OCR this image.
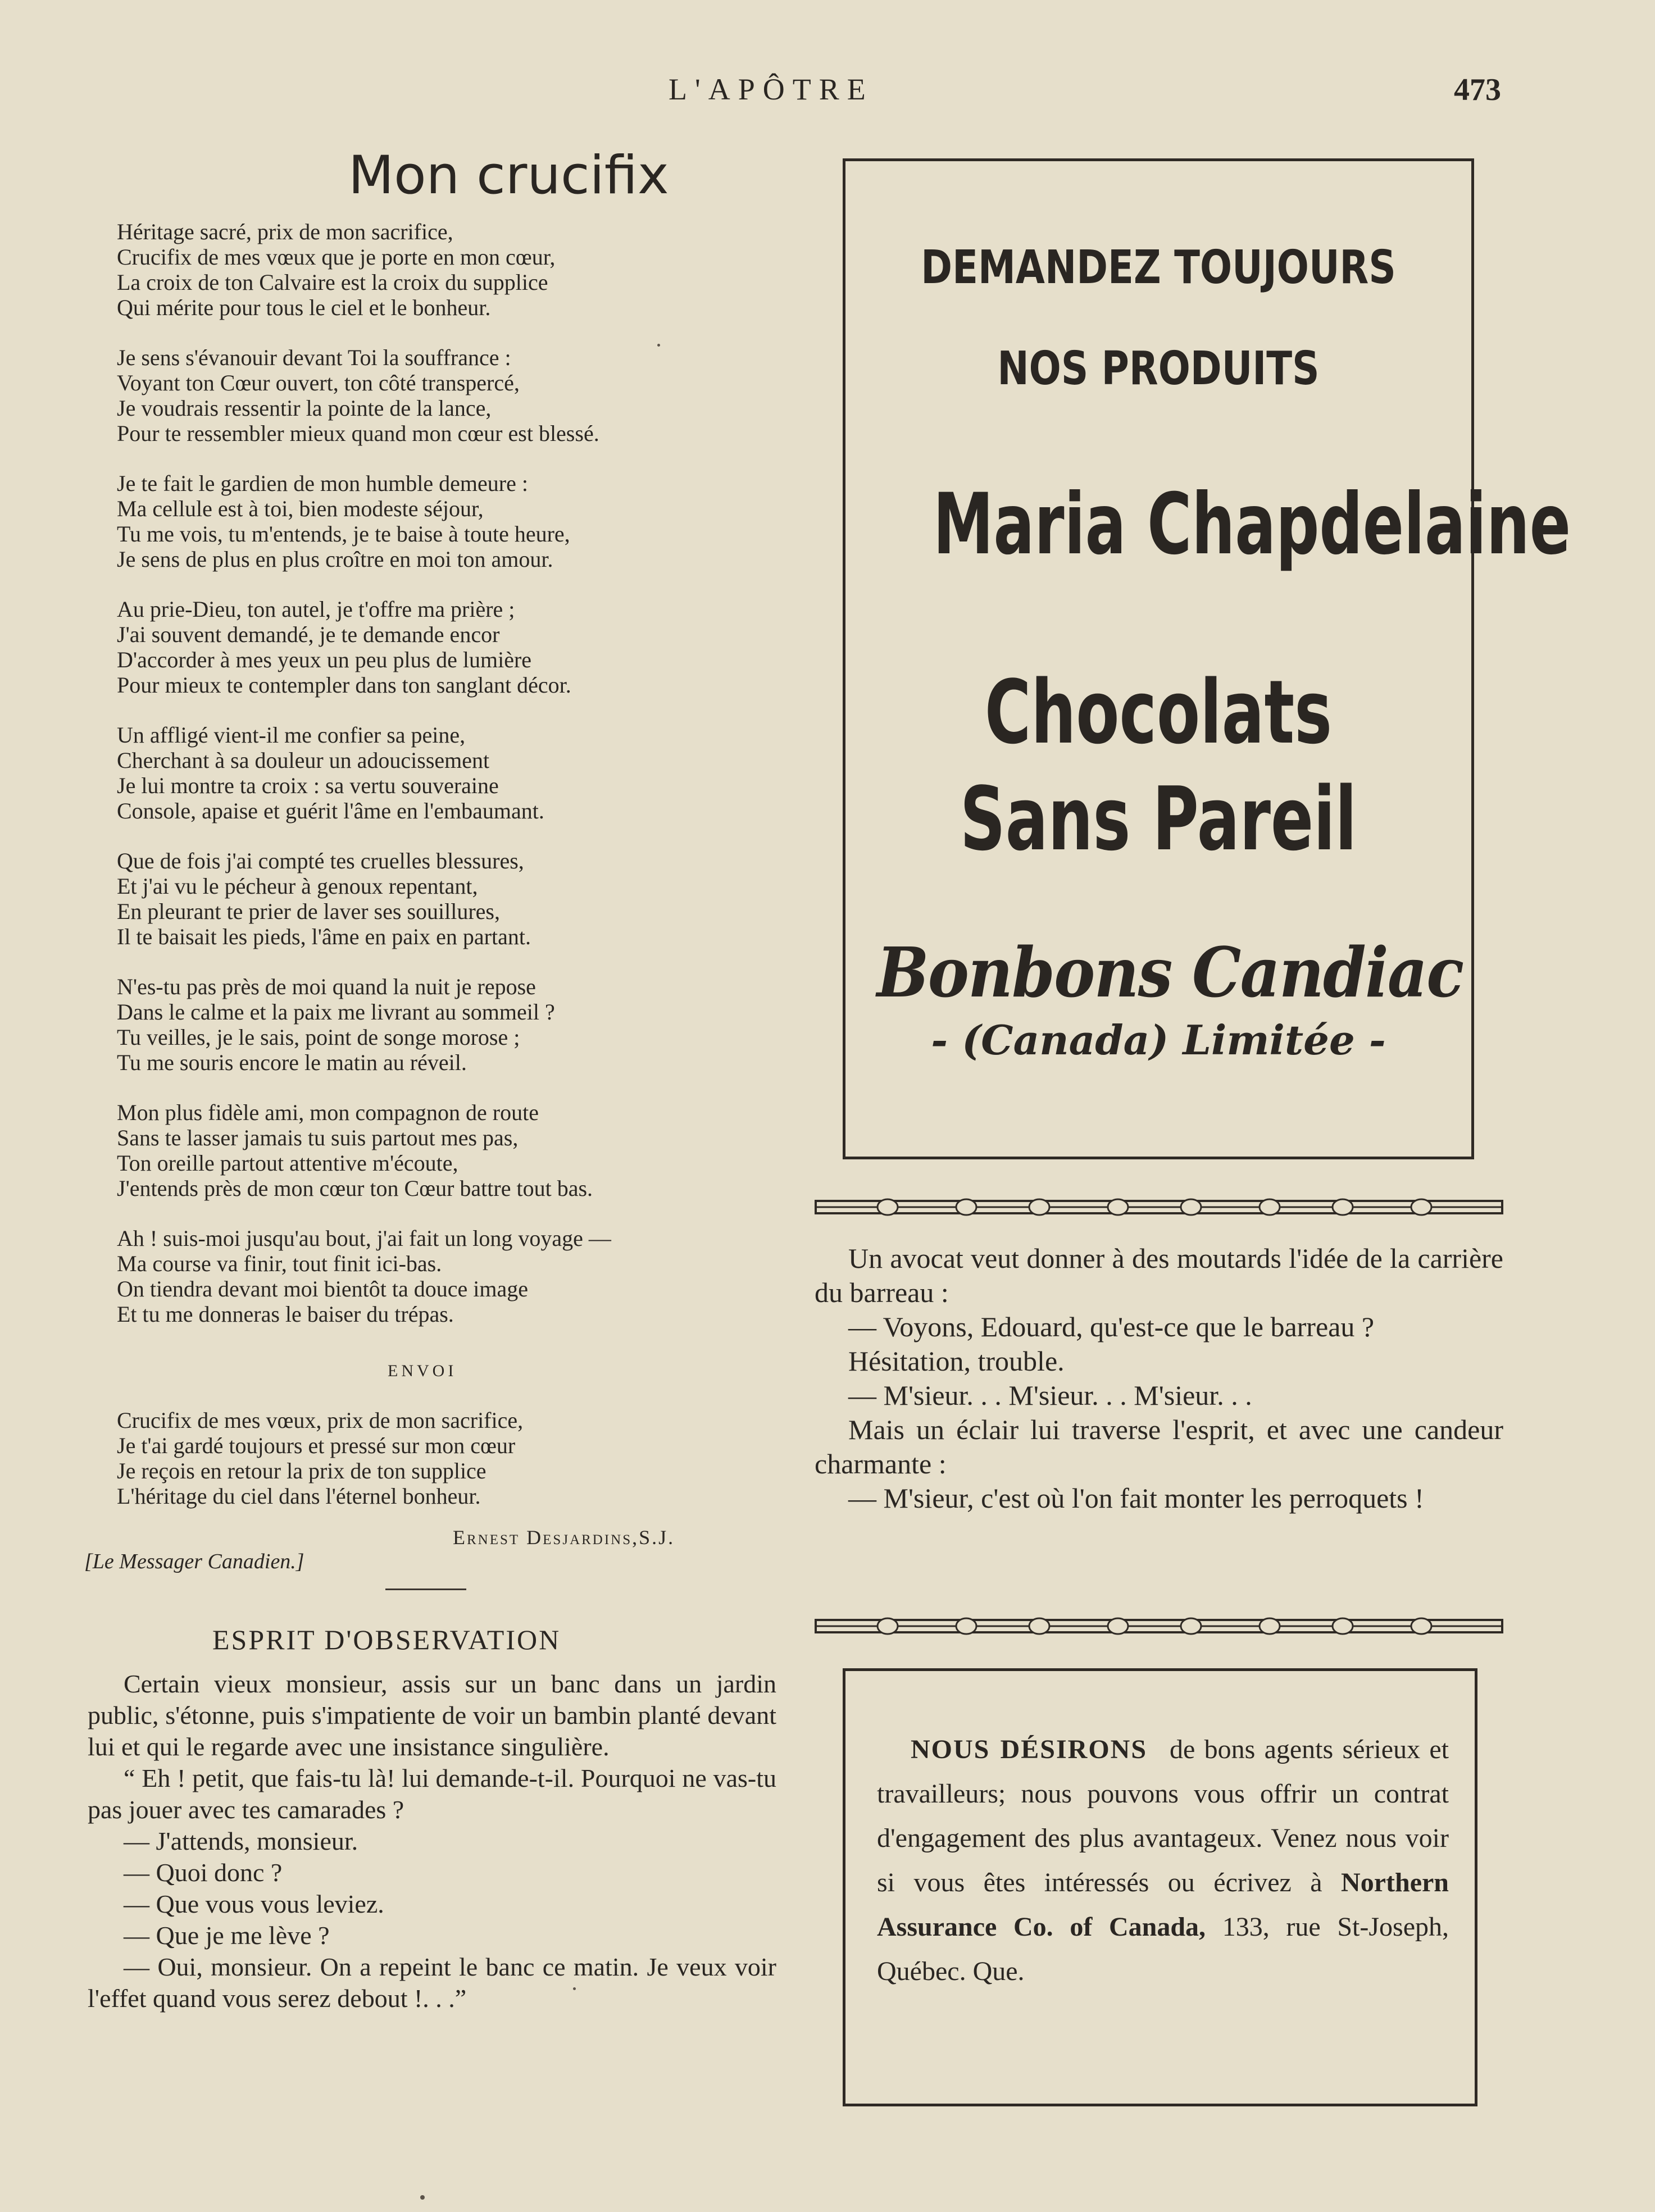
L'APÔTRE	473
Mon crucifix
Héritage sacré, prix de mon sacrifice,
Crucifix de mes vœux que je porte en mon cœur,
La croix de ton Calvaire est la croix du supplice
Qui mérite pour tous le ciel et le bonheur.
Je sens s'évanouir devant Toi la souffrance :
Voyant ton Cœur ouvert, ton côté transpercé,
Je voudrais ressentir la pointe de la lance,
Pour te ressembler mieux quand mon cœur est blessé.
Je te fait le gardien de mon humble demeure :
Ma cellule est à toi, bien modeste séjour,
Tu me vois, tu m'entends, je te baise à toute heure,
Je sens de plus en plus croître en moi ton amour.
Au prie-Dieu, ton autel, je t'offre ma prière ;
J'ai souvent demandé, je te demande encor
D'accorder à mes yeux un peu plus de lumière
Pour mieux te contempler dans ton sanglant décor.
Un affligé vient-il me confier sa peine,
Cherchant à sa douleur un adoucissement
Je lui montre ta croix : sa vertu souveraine
Console, apaise et guérit l'âme en l'embaumant.
Que de fois j'ai compté tes cruelles blessures,
Et j'ai vu le pécheur à genoux repentant,
En pleurant te prier de laver ses souillures,
Il te baisait les pieds, l'âme en paix en partant.
N'es-tu pas près de moi quand la nuit je repose
Dans le calme et la paix me livrant au sommeil ?
Tu veilles, je le sais, point de songe morose ;
Tu me souris encore le matin au réveil.
Mon plus fidèle ami, mon compagnon de route
Sans te lasser jamais tu suis partout mes pas,
Ton oreille partout attentive m'écoute,
J'entends près de mon cœur ton Cœur battre tout bas.
Ah ! suis-moi jusqu'au bout, j'ai fait un long voyage —
Ma course va finir, tout finit ici-bas.
On tiendra devant moi bientôt ta douce image
Et tu me donneras le baiser du trépas.
ENVOI
Crucifix de mes vœux, prix de mon sacrifice,
Je t'ai gardé toujours et pressé sur mon cœur
Je reçois en retour la prix de ton supplice
L'héritage du ciel dans l'éternel bonheur.
Ernest Desjardins,S.J.
[Le Messager Canadien.]
ESPRIT D'OBSERVATION

Certain vieux monsieur, assis sur un banc dans un jardin public, s'étonne, puis s'impatiente de voir un bambin planté devant lui et qui le regarde avec une insistance singulière.

“ Eh ! petit, que fais-tu là! lui demande-t-il. Pourquoi ne vas-tu pas jouer avec tes camarades ?

— J'attends, monsieur.

— Quoi donc ?

— Que vous vous leviez.

— Que je me lève ?

— Oui, monsieur. On a repeint le banc ce matin. Je veux voir l'effet quand vous serez debout !. . .”

DEMANDEZ TOUJOURS
NOS PRODUITS
Maria Chapdelaine
Chocolats
Sans Pareil
Bonbons Candiac
- (Canada) Limitée -

Un avocat veut donner à des moutards l'idée de la carrière du barreau :

— Voyons, Edouard, qu'est-ce que le barreau ?

Hésitation, trouble.

— M'sieur. . . M'sieur. . . M'sieur. . .

Mais un éclair lui traverse l'esprit, et avec une candeur charmante :

— M'sieur, c'est où l'on fait monter les perroquets !

NOUS DÉSIRONS de bons agents sérieux et travailleurs; nous pouvons vous offrir un contrat d'engagement des plus avantageux. Venez nous voir si vous êtes intéressés ou écrivez à Northern Assurance Co. of Canada, 133, rue St-Joseph, Québec. Que.
